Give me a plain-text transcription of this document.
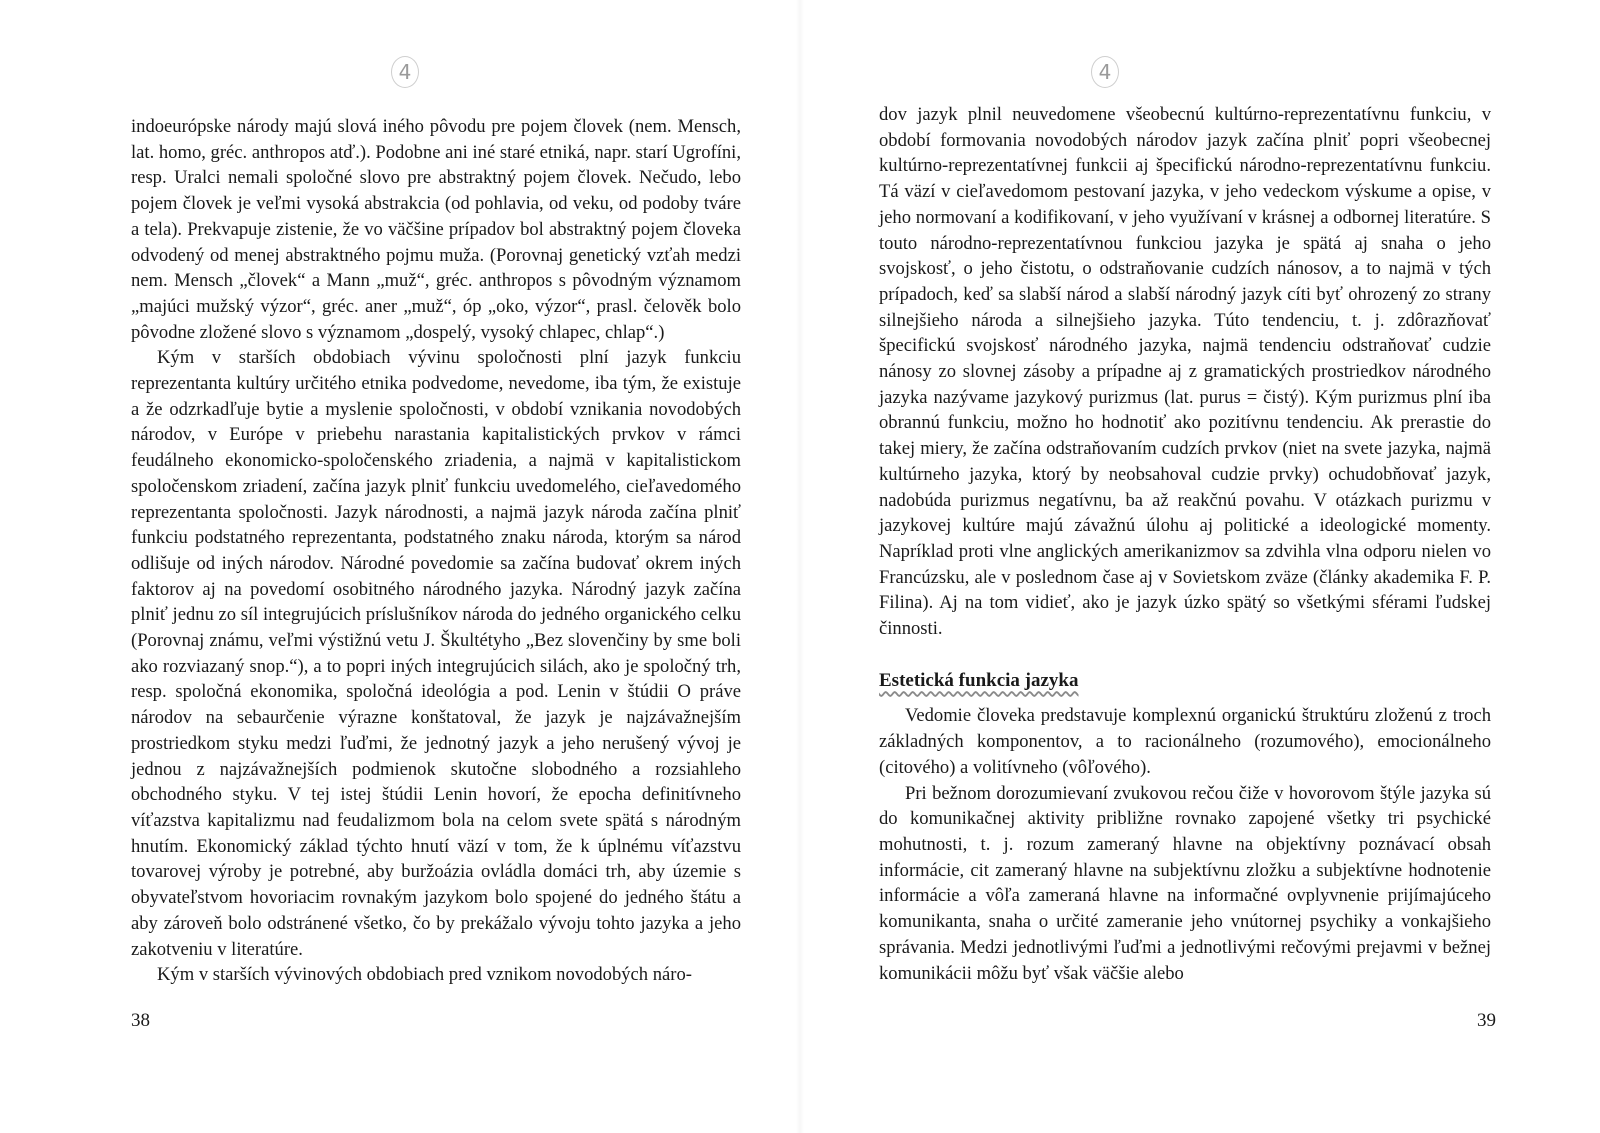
4

indoeurópske národy majú slová iného pôvodu pre pojem človek (nem. Mensch, lat. homo, gréc. anthropos atď.). Podobne ani iné staré etniká, napr. starí Ugrofíni, resp. Uralci nemali spoločné slovo pre abstraktný pojem človek. Nečudo, lebo pojem človek je veľmi vysoká abstrakcia (od pohlavia, od veku, od podoby tváre a tela). Prekvapuje zistenie, že vo väčšine prípadov bol abstraktný pojem človeka odvodený od menej abstraktného pojmu muža. (Porovnaj genetický vzťah medzi nem. Mensch „človek“ a Mann „muž“, gréc. anthropos s pôvodným významom „majúci mužský výzor“, gréc. aner „muž“, óp „oko, výzor“, prasl. čelověk bolo pôvodne zložené slovo s významom „dospelý, vysoký chlapec, chlap“.)

Kým v starších obdobiach vývinu spoločnosti plní jazyk funkciu reprezentanta kultúry určitého etnika podvedome, nevedome, iba tým, že existuje a že odzrkadľuje bytie a myslenie spoločnosti, v období vznikania novodobých národov, v Európe v priebehu narastania kapitalistických prvkov v rámci feudálneho ekonomicko-spoločenského zriadenia, a najmä v kapitalistickom spoločenskom zriadení, začína jazyk plniť funkciu uvedomelého, cieľavedomého reprezentanta spoločnosti. Jazyk národnosti, a najmä jazyk národa začína plniť funkciu podstatného reprezentanta, podstatného znaku národa, ktorým sa národ odlišuje od iných národov. Národné povedomie sa začína budovať okrem iných faktorov aj na povedomí osobitného národného jazyka. Národný jazyk začína plniť jednu zo síl integrujúcich príslušníkov národa do jedného organického celku (Porovnaj známu, veľmi výstižnú vetu J. Škultétyho „Bez slovenčiny by sme boli ako rozviazaný snop.“), a to popri iných integrujúcich silách, ako je spoločný trh, resp. spoločná ekonomika, spoločná ideológia a pod. Lenin v štúdii O práve národov na sebaurčenie výrazne konštatoval, že jazyk je najzávažnejším prostriedkom styku medzi ľuďmi, že jednotný jazyk a jeho nerušený vývoj je jednou z najzávažnejších podmienok skutočne slobodného a rozsiahleho obchodného styku. V tej istej štúdii Lenin hovorí, že epocha definitívneho víťazstva kapitalizmu nad feudalizmom bola na celom svete spätá s národným hnutím. Ekonomický základ týchto hnutí väzí v tom, že k úplnému víťazstvu tovarovej výroby je potrebné, aby buržoázia ovládla domáci trh, aby územie s obyvateľstvom hovoriacim rovnakým jazykom bolo spojené do jedného štátu a aby zároveň bolo odstránené všetko, čo by prekážalo vývoju tohto jazyka a jeho zakotveniu v literatúre.

Kým v starších vývinových obdobiach pred vznikom novodobých náro-

38
4

dov jazyk plnil neuvedomene všeobecnú kultúrno-reprezentatívnu funkciu, v období formovania novodobých národov jazyk začína plniť popri všeobecnej kultúrno-reprezentatívnej funkcii aj špecifickú národno-reprezentatívnu funkciu. Tá väzí v cieľavedomom pestovaní jazyka, v jeho vedeckom výskume a opise, v jeho normovaní a kodifikovaní, v jeho využívaní v krásnej a odbornej literatúre. S touto národno-reprezentatívnou funkciou jazyka je spätá aj snaha o jeho svojskosť, o jeho čistotu, o odstraňovanie cudzích nánosov, a to najmä v tých prípadoch, keď sa slabší národ a slabší národný jazyk cíti byť ohrozený zo strany silnejšieho národa a silnejšieho jazyka. Túto tendenciu, t. j. zdôrazňovať špecifickú svojskosť národného jazyka, najmä tendenciu odstraňovať cudzie nánosy zo slovnej zásoby a prípadne aj z gramatických prostriedkov národného jazyka nazývame jazykový purizmus (lat. purus = čistý). Kým purizmus plní iba obrannú funkciu, možno ho hodnotiť ako pozitívnu tendenciu. Ak prerastie do takej miery, že začína odstraňovaním cudzích prvkov (niet na svete jazyka, najmä kultúrneho jazyka, ktorý by neobsahoval cudzie prvky) ochudobňovať jazyk, nadobúda purizmus negatívnu, ba až reakčnú povahu. V otázkach purizmu v jazykovej kultúre majú závažnú úlohu aj politické a ideologické momenty. Napríklad proti vlne anglických amerikanizmov sa zdvihla vlna odporu nielen vo Francúzsku, ale v poslednom čase aj v Sovietskom zväze (články akademika F. P. Filina). Aj na tom vidieť, ako je jazyk úzko spätý so všetkými sférami ľudskej činnosti.

Estetická funkcia jazyka

Vedomie človeka predstavuje komplexnú organickú štruktúru zloženú z troch základných komponentov, a to racionálneho (rozumového), emocionálneho (citového) a volitívneho (vôľového).

Pri bežnom dorozumievaní zvukovou rečou čiže v hovorovom štýle jazyka sú do komunikačnej aktivity približne rovnako zapojené všetky tri psychické mohutnosti, t. j. rozum zameraný hlavne na objektívny poznávací obsah informácie, cit zameraný hlavne na subjektívnu zložku a subjektívne hodnotenie informácie a vôľa zameraná hlavne na informačné ovplyvnenie prijímajúceho komunikanta, snaha o určité zameranie jeho vnútornej psychiky a vonkajšieho správania. Medzi jednotlivými ľuďmi a jednotlivými rečovými prejavmi v bežnej komunikácii môžu byť však väčšie alebo

39
